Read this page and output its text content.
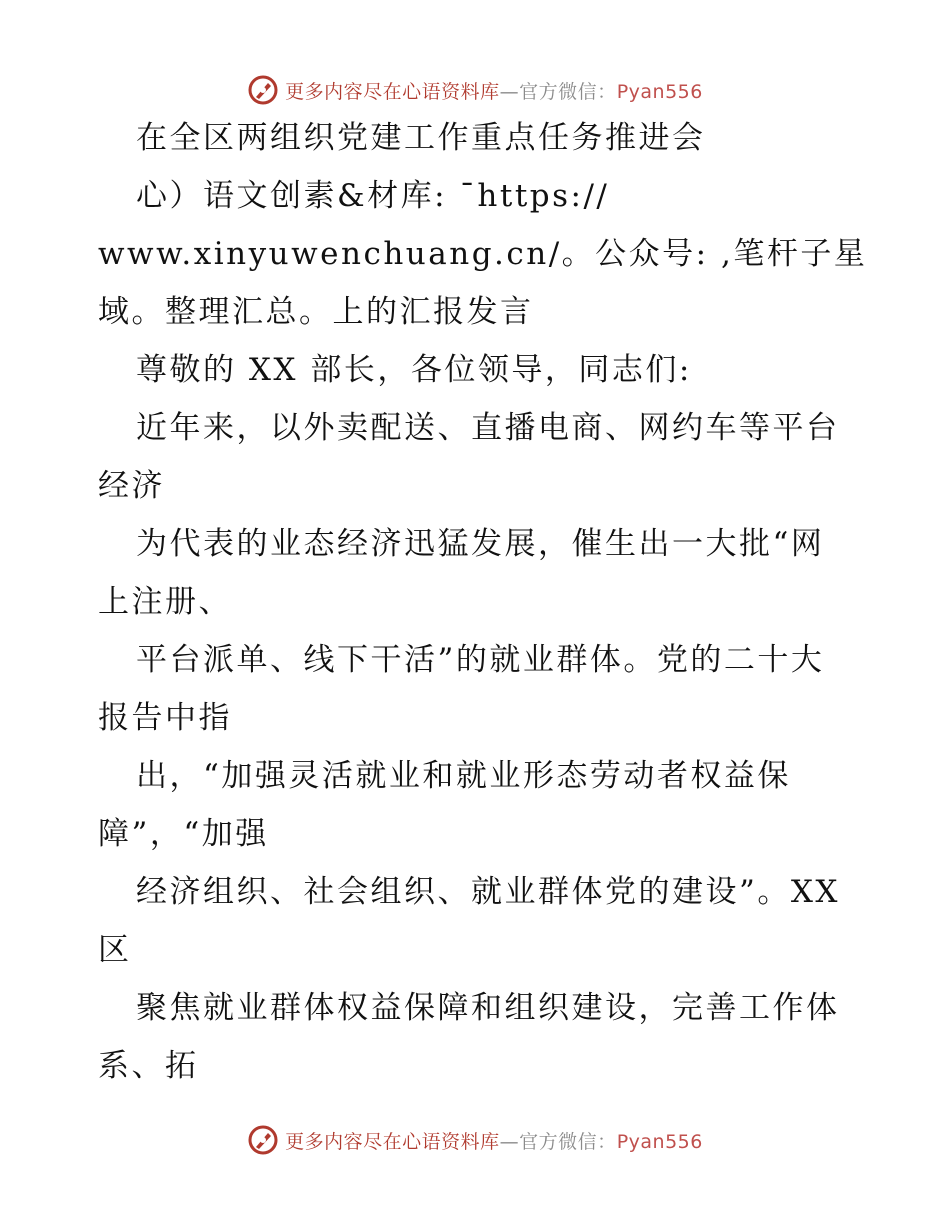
更多内容尽在心语资料库—官方微信：Pyan556
在全区两组织党建工作重点任务推进会
心）语文创素&材库: ¯https://
www.xinyuwenchuang.cn/。公众号: ,笔杆子星
域。整理汇总。上的汇报发言
尊敬的 XX 部长，各位领导，同志们:
近年来，以外卖配送、直播电商、网约车等平台
经济
为代表的业态经济迅猛发展，催生出一大批“网
上注册、
平台派单、线下干活”的就业群体。党的二十大
报告中指
出，“加强灵活就业和就业形态劳动者权益保
障”，“加强
经济组织、社会组织、就业群体党的建设”。XX
区
聚焦就业群体权益保障和组织建设，完善工作体
系、拓
更多内容尽在心语资料库—官方微信：Pyan556
